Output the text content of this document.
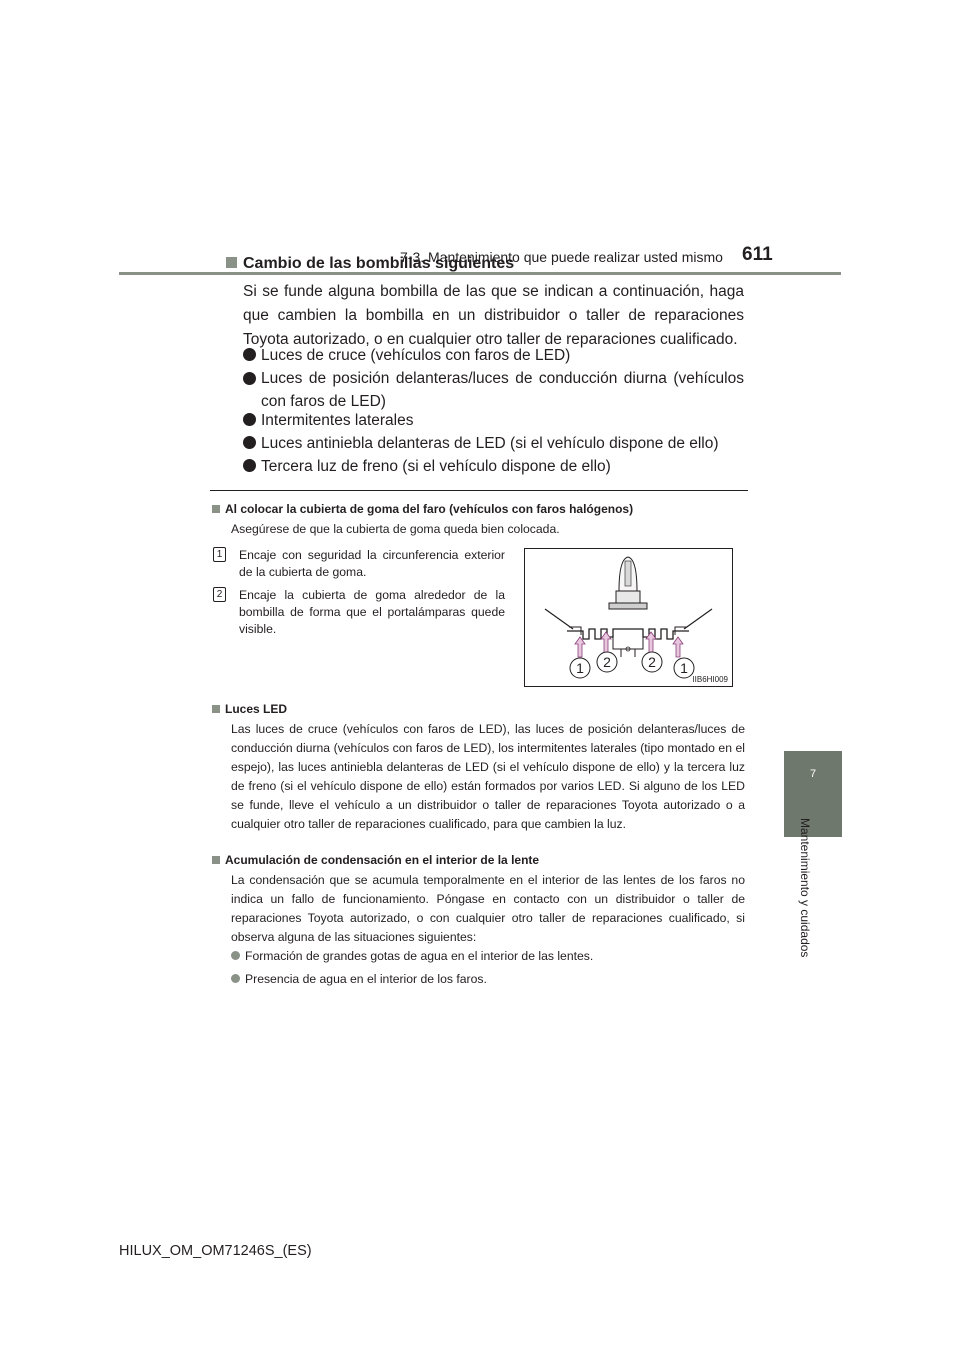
7-3. Mantenimiento que puede realizar usted mismo 611
7
Mantenimiento y cuidados
Cambio de las bombillas siguientes
Si se funde alguna bombilla de las que se indican a continuación, haga que cambien la bombilla en un distribuidor o taller de reparaciones Toyota autorizado, o en cualquier otro taller de reparaciones cualificado.
Luces de cruce (vehículos con faros de LED)
Luces de posición delanteras/luces de conducción diurna (vehículos con faros de LED)
Intermitentes laterales
Luces antiniebla delanteras de LED (si el vehículo dispone de ello)
Tercera luz de freno (si el vehículo dispone de ello)
Al colocar la cubierta de goma del faro (vehículos con faros halógenos)
Asegúrese de que la cubierta de goma queda bien colocada.
1	Encaje con seguridad la circunferencia exterior de la cubierta de goma.
2	Encaje la cubierta de goma alrededor de la bombilla de forma que el portalámparas quede visible.
1 2	2 1
IIB6HI009
Luces LED
Las luces de cruce (vehículos con faros de LED), las luces de posición delanteras/luces de conducción diurna (vehículos con faros de LED), los intermitentes laterales (tipo montado en el espejo), las luces antiniebla delanteras de LED (si el vehículo dispone de ello) y la tercera luz de freno (si el vehículo dispone de ello) están formados por varios LED. Si alguno de los LED se funde, lleve el vehículo a un distribuidor o taller de reparaciones Toyota autorizado o a cualquier otro taller de reparaciones cualificado, para que cambien la luz.
Acumulación de condensación en el interior de la lente
La condensación que se acumula temporalmente en el interior de las lentes de los faros no indica un fallo de funcionamiento. Póngase en contacto con un distribuidor o taller de reparaciones Toyota autorizado, o con cualquier otro taller de reparaciones cualificado, si observa alguna de las situaciones siguientes:
Formación de grandes gotas de agua en el interior de las lentes.
Presencia de agua en el interior de los faros.
HILUX_OM_OM71246S_(ES)
